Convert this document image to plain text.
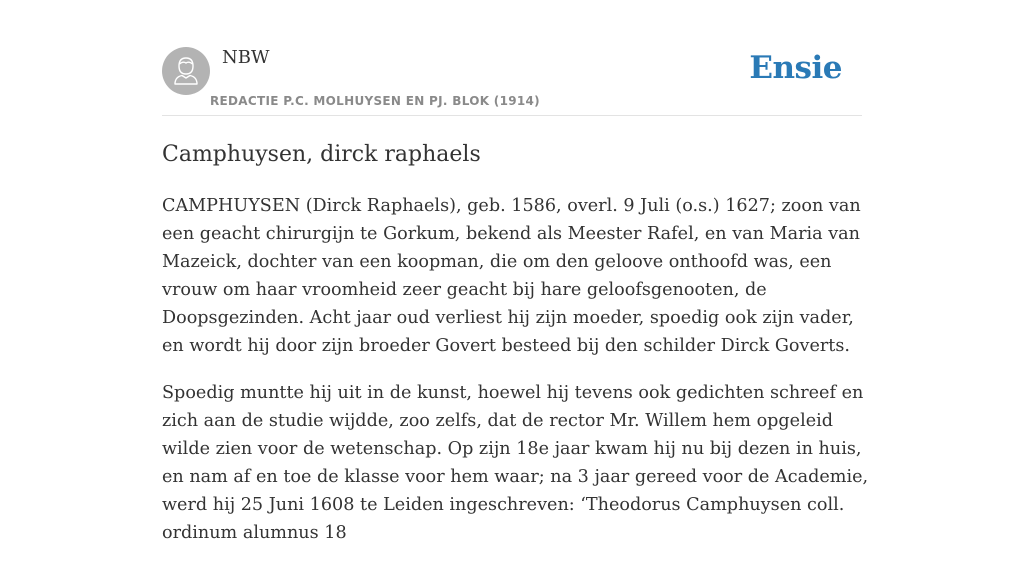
NBW
REDACTIE P.C. MOLHUYSEN EN PJ. BLOK (1914)
Ensie
Camphuysen, dirck raphaels

CAMPHUYSEN (Dirck Raphaels), geb. 1586, overl. 9 Juli (o.s.) 1627; zoon van een geacht chirurgijn te Gorkum, bekend als Meester Rafel, en van Maria van Mazeick, dochter van een koopman, die om den geloove onthoofd was, een vrouw om haar vroomheid zeer geacht bij hare geloofsgenooten, de Doopsgezinden. Acht jaar oud verliest hij zijn moeder, spoedig ook zijn vader, en wordt hij door zijn broeder Govert besteed bij den schilder Dirck Goverts.

Spoedig muntte hij uit in de kunst, hoewel hij tevens ook gedichten schreef en zich aan de studie wijdde, zoo zelfs, dat de rector Mr. Willem hem opgeleid wilde zien voor de wetenschap. Op zijn 18e jaar kwam hij nu bij dezen in huis, en nam af en toe de klasse voor hem waar; na 3 jaar gereed voor de Academie, werd hij 25 Juni 1608 te Leiden ingeschreven: ‘Theodorus Camphuysen coll. ordinum alumnus 18
